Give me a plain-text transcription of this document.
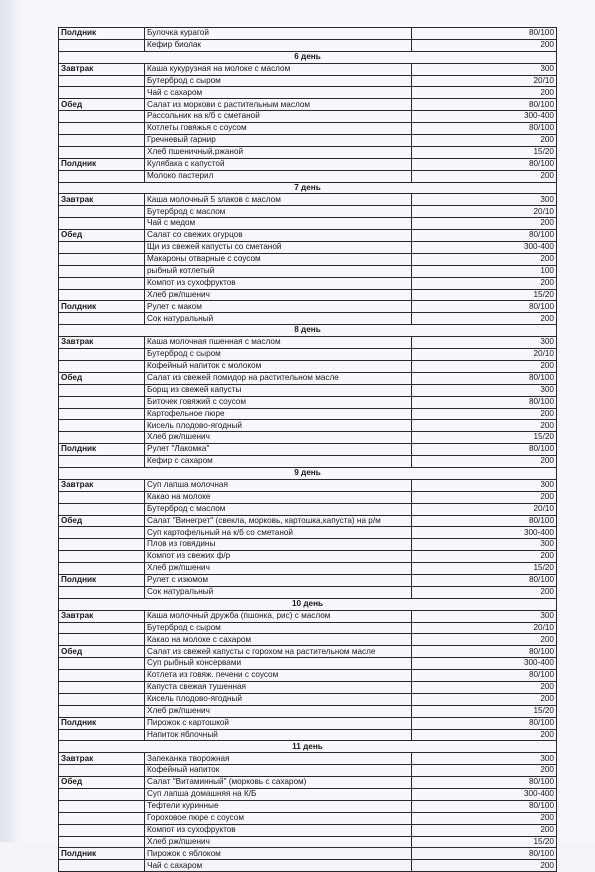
Полдник	Булочка курагой	80/100
	Кефир биолак	200
6 день		
Завтрак	Каша кукурузная на молоке с маслом	300
	Бутерброд с сыром	20/10
	Чай с сахаром	200
Обед	Салат из моркови с растительным маслом	80/100
	Рассольник на к/б с сметаной	300-400
	Котлеты говяжья с соусом	80/100
	Гречневый гарнир	200
	Хлеб пшеничный,ржаной	15/20
Полдник	Кулябака с капустой	80/100
	Молоко пастерил	200
7 день		
Завтрак	Каша молочный 5 злаков с маслом	300
	Бутерброд с маслом	20/10
	Чай с медом	200
Обед	Салат со свежих огурцов	80/100
	Щи из свежей капусты со сметаной	300-400
	Макароны отварные с соусом	200
	рыбный котлетый	100
	Компот из сухофруктов	200
	Хлеб рж/пшенич	15/20
Полдник	Рулет с маком	80/100
	Сок натуральный	200
8 день		
Завтрак	Каша молочная пшенная с маслом	300
	Бутерброд с сыром	20/10
	Кофейный напиток с молоком	200
Обед	Салат из свежей помидор на растительном масле	80/100
	Борщ из свежей капусты	300
	Биточек говяжий с соусом	80/100
	Картофельное пюре	200
	Кисель плодово-ягодный	200
	Хлеб рж/пшенич	15/20
Полдник	Рулет "Лакомка"	80/100
	Кефир с сахаром	200
9 день		
Завтрак	Суп лапша молочная	300
	Какао на молоке	200
	Бутерброд с маслом	20/10
Обед	Салат "Винегрет" (свекла, морковь, картошка,капуста) на р/м	80/100
	Суп картофельный на к/б со сметаной	300-400
	Плов из говядины	300
	Компот из свежих ф/р	200
	Хлеб рж/пшенич	15/20
Полдник	Рулет с изюмом	80/100
	Сок натуральный	200
10 день		
Завтрак	Каша молочный дружба (пшонка, рис) с маслом	300
	Бутерброд с сыром	20/10
	Какао на молоке с сахаром	200
Обед	Салат из свежей капусты с горохом на растительном масле	80/100
	Суп рыбный консервами	300-400
	Котлета из говяж. печени с соусом	80/100
	Капуста свежая тушенная	200
	Кисель плодово-ягодный	200
	Хлеб рж/пшенич	15/20
Полдник	Пирожок с картошкой	80/100
	Напиток яблочный	200
11 день		
Завтрак	Запеканка творожная	300
	Кофейный напиток	200
Обед	Салат "Витаминный" (морковь с сахаром)	80/100
	Суп лапша домашняя на К/Б	300-400
	Тефтели куринные	80/100
	Гороховое пюре с соусом	200
	Компот из сухофруктов	200
	Хлеб рж/пшенич	15/20
Полдник	Пирожок с яблоком	80/100
	Чай с сахаром	200
